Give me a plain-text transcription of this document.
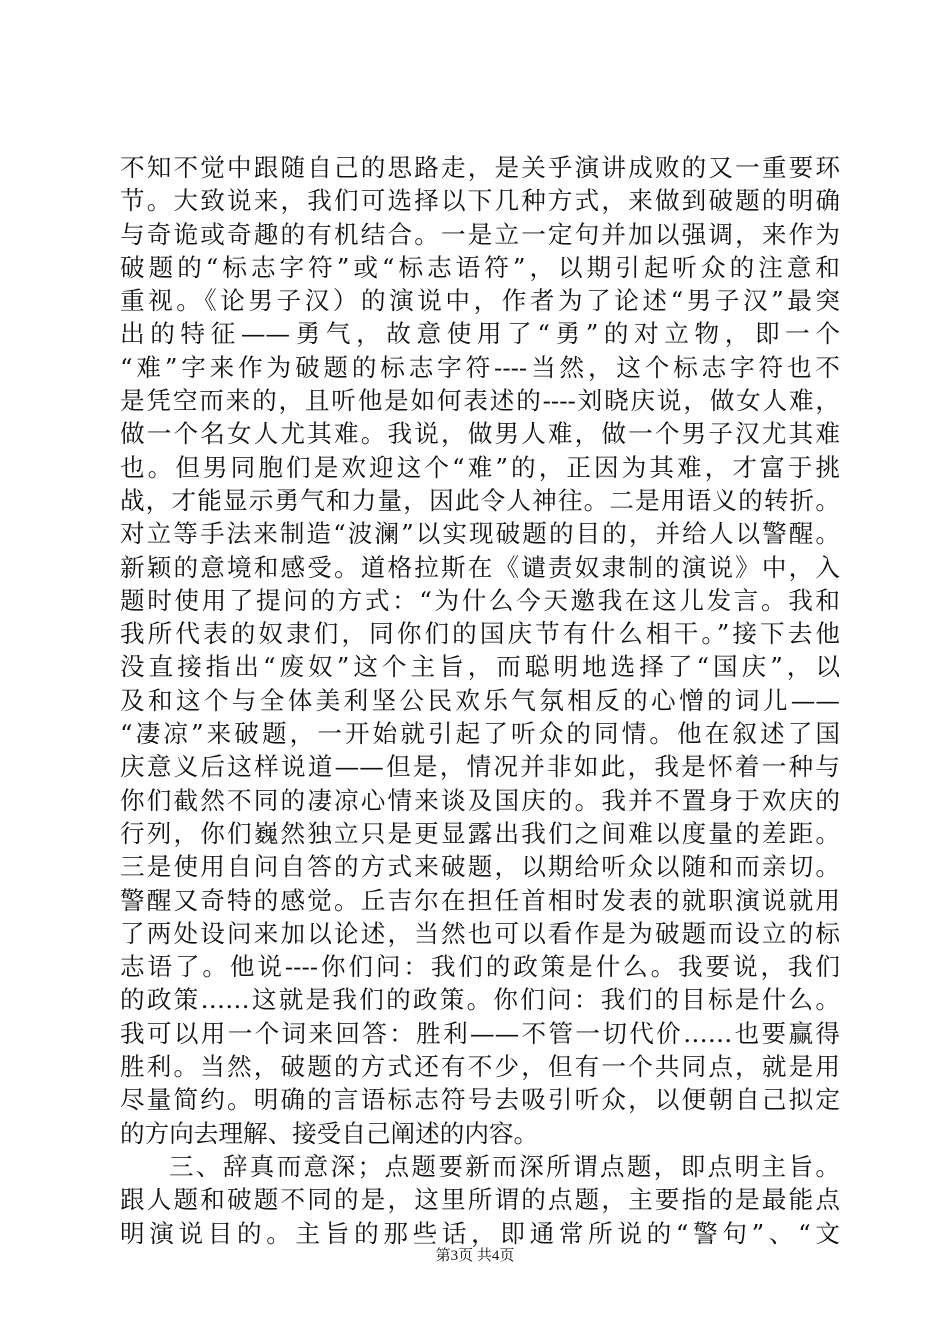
不知不觉中跟随自己的思路走，是关乎演讲成败的又一重要环
节。大致说来，我们可选择以下几种方式，来做到破题的明确
与奇诡或奇趣的有机结合。一是立一定句并加以强调，来作为
破题的“标志字符”或“标志语符”，以期引起听众的注意和
重视。《论男子汉）的演说中，作者为了论述“男子汉”最突
出的特征——勇气，故意使用了“勇”的对立物，即一个
“难”字来作为破题的标志字符----当然，这个标志字符也不
是凭空而来的，且听他是如何表述的----刘晓庆说，做女人难，
做一个名女人尤其难。我说，做男人难，做一个男子汉尤其难
也。但男同胞们是欢迎这个“难”的，正因为其难，才富于挑
战，才能显示勇气和力量，因此令人神往。二是用语义的转折。
对立等手法来制造“波澜”以实现破题的目的，并给人以警醒。
新颖的意境和感受。道格拉斯在《谴责奴隶制的演说》中，入
题时使用了提问的方式：“为什么今天邀我在这儿发言。我和
我所代表的奴隶们，同你们的国庆节有什么相干。”接下去他
没直接指出“废奴”这个主旨，而聪明地选择了“国庆”，以
及和这个与全体美利坚公民欢乐气氛相反的心憎的词儿——
“凄凉”来破题，一开始就引起了听众的同情。他在叙述了国
庆意义后这样说道——但是，情况并非如此，我是怀着一种与
你们截然不同的凄凉心情来谈及国庆的。我并不置身于欢庆的
行列，你们巍然独立只是更显露出我们之间难以度量的差距。
三是使用自问自答的方式来破题，以期给听众以随和而亲切。
警醒又奇特的感觉。丘吉尔在担任首相时发表的就职演说就用
了两处设问来加以论述，当然也可以看作是为破题而设立的标
志语了。他说----你们问：我们的政策是什么。我要说，我们
的政策……这就是我们的政策。你们问：我们的目标是什么。
我可以用一个词来回答：胜利——不管一切代价……也要赢得
胜利。当然，破题的方式还有不少，但有一个共同点，就是用
尽量简约。明确的言语标志符号去吸引听众，以便朝自己拟定
的方向去理解、接受自己阐述的内容。
三、辞真而意深；点题要新而深所谓点题，即点明主旨。
跟人题和破题不同的是，这里所谓的点题，主要指的是最能点
明演说目的。主旨的那些话，即通常所说的“警句”、“文
第3页 共4页
